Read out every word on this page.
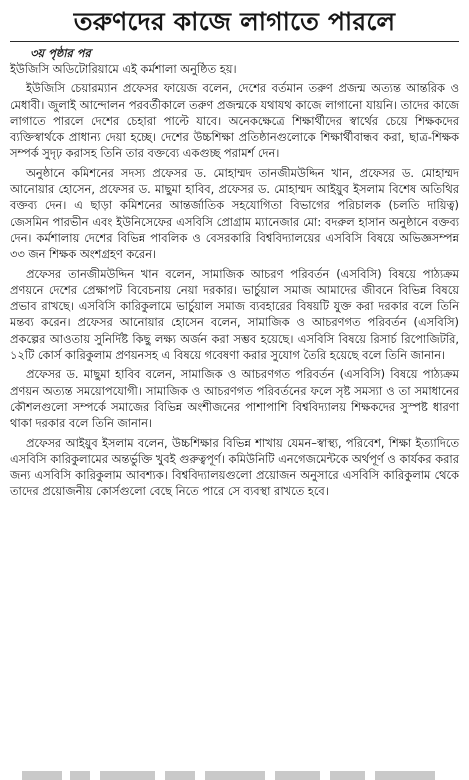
তরুণদের কাজে লাগাতে পারলে
৩য় পৃষ্ঠার পর

ইউজিসি অডিটোরিয়ামে এই কর্মশালা অনুষ্ঠিত হয়।

ইউজিসি চেয়ারম্যান প্রফেসর ফায়েজ বলেন, দেশের বর্তমান তরুণ প্রজন্ম অত্যন্ত আন্তরিক ও মেধাবী। জুলাই আন্দোলন পরবর্তীকালে তরুণ প্রজন্মকে যথাযথ কাজে লাগানো যায়নি। তাদের কাজে লাগাতে পারলে দেশের চেহারা পাল্টে যাবে। অনেকক্ষেত্রে শিক্ষার্থীদের স্বার্থের চেয়ে শিক্ষকদের ব্যক্তিস্বার্থকে প্রাধান্য দেয়া হচ্ছে। দেশের উচ্চশিক্ষা প্রতিষ্ঠানগুলোকে শিক্ষার্থীবান্ধব করা, ছাত্র-শিক্ষক সম্পর্ক সুদৃঢ় করাসহ তিনি তার বক্তব্যে একগুচ্ছ পরামর্শ দেন।

অনুষ্ঠানে কমিশনের সদস্য প্রফেসর ড. মোহাম্মদ তানজীমউদ্দিন খান, প্রফেসর ড. মোহাম্মদ আনোয়ার হোসেন, প্রফেসর ড. মাছুমা হাবিব, প্রফেসর ড. মোহাম্মদ আইয়ুব ইসলাম বিশেষ অতিথির বক্তব্য দেন। এ ছাড়া কমিশনের আন্তর্জাতিক সহযোগিতা বিভাগের পরিচালক (চলতি দায়িত্ব) জেসমিন পারভীন এবং ইউনিসেফের এসবিসি প্রোগ্রাম ম্যানেজার মো: বদরুল হাসান অনুষ্ঠানে বক্তব্য দেন। কর্মশালায় দেশের বিভিন্ন পাবলিক ও বেসরকারি বিশ্ববিদ্যালয়ের এসবিসি বিষয়ে অভিজ্ঞসম্পন্ন ৩৩ জন শিক্ষক অংশগ্রহণ করেন।

প্রফেসর তানজীমউদ্দিন খান বলেন, সামাজিক আচরণ পরিবর্তন (এসবিসি) বিষয়ে পাঠ্যক্রম প্রণয়নে দেশের প্রেক্ষাপট বিবেচনায় নেয়া দরকার। ভার্চুয়াল সমাজ আমাদের জীবনে বিভিন্ন বিষয়ে প্রভাব রাখছে। এসবিসি কারিকুলামে ভার্চুয়াল সমাজ ব্যবহারের বিষয়টি যুক্ত করা দরকার বলে তিনি মন্তব্য করেন। প্রফেসর আনোয়ার হোসেন বলেন, সামাজিক ও আচরণগত পরিবর্তন (এসবিসি) প্রকল্পের আওতায় সুনির্দিষ্ট কিছু লক্ষ্য অর্জন করা সম্ভব হয়েছে। এসবিসি বিষয়ে রিসার্চ রিপোজিটরি, ১২টি কোর্স কারিকুলাম প্রণয়নসহ এ বিষয়ে গবেষণা করার সুযোগ তৈরি হয়েছে বলে তিনি জানান।

প্রফেসর ড. মাছুমা হাবিব বলেন, সামাজিক ও আচরণগত পরিবর্তন (এসবিসি) বিষয়ে পাঠ্যক্রম প্রণয়ন অত্যন্ত সময়োপযোগী। সামাজিক ও আচরণগত পরিবর্তনের ফলে সৃষ্ট সমস্যা ও তা সমাধানের কৌশলগুলো সম্পর্কে সমাজের বিভিন্ন অংশীজনের পাশাপাশি বিশ্ববিদ্যালয় শিক্ষকদের সুস্পষ্ট ধারণা থাকা দরকার বলে তিনি জানান।

প্রফেসর আইয়ুব ইসলাম বলেন, উচ্চশিক্ষার বিভিন্ন শাখায় যেমন–স্বাস্থ্য, পরিবেশ, শিক্ষা ইত্যাদিতে এসবিসি কারিকুলামের অন্তর্ভুক্তি খুবই গুরুত্বপূর্ণ। কমিউনিটি এনগেজমেন্টকে অর্থপূর্ণ ও কার্যকর করার জন্য এসবিসি কারিকুলাম আবশ্যক। বিশ্ববিদ্যালয়গুলো প্রয়োজন অনুসারে এসবিসি কারিকুলাম থেকে তাদের প্রয়োজনীয় কোর্সগুলো বেছে নিতে পারে সে ব্যবস্থা রাখতে হবে।
